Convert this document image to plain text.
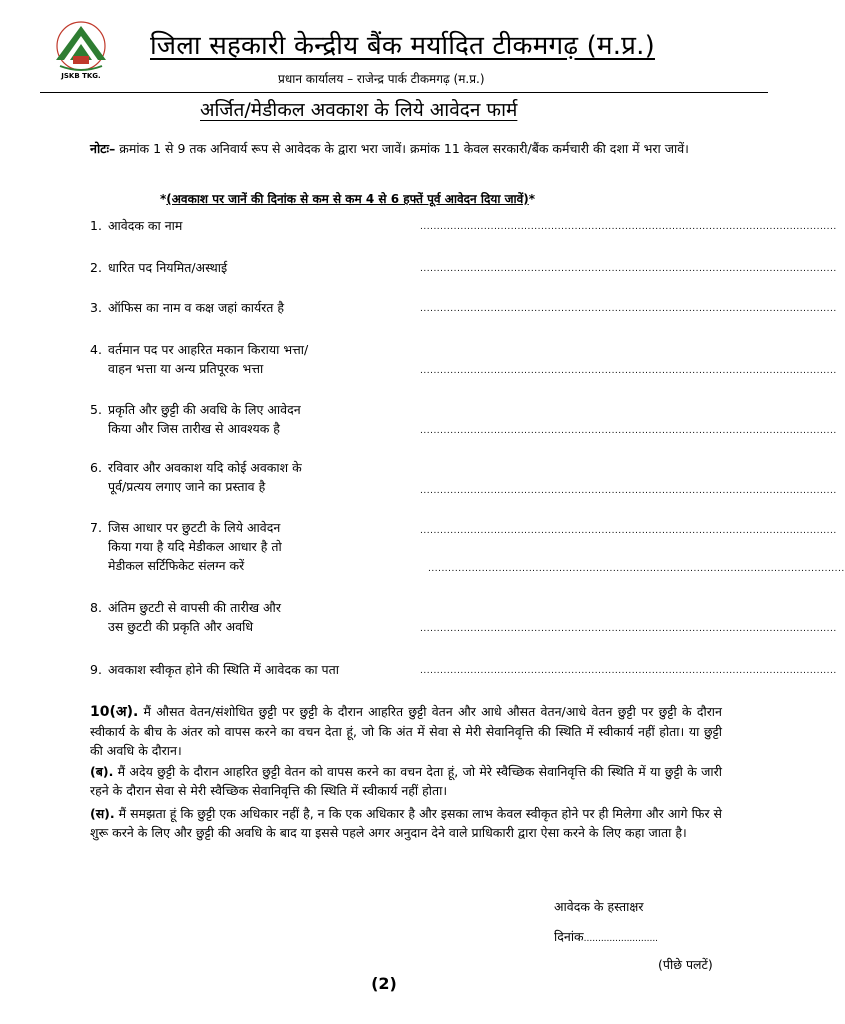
JSKB TKG.
जिला सहकारी केन्द्रीय बैंक मर्यादित टीकमगढ़ (म.प्र.)
प्रधान कार्यालय – राजेन्द्र पार्क टीकमगढ़ (म.प्र.)
अर्जित/मेडीकल अवकाश के लिये आवेदन फार्म
नोटः– क्रमांक 1 से 9 तक अनिवार्य रूप से आवेदक के द्वारा भरा जावें। क्रमांक 11 केवल सरकारी/बैंक कर्मचारी की दशा में भरा जावें।
*(अवकाश पर जानें की दिनांक से कम से कम 4 से 6 हफ्तें पूर्व आवेदन दिया जावें)*
1. आवेदक का नाम	............................................................................................................................
2. धारित पद नियमित/अस्थाई	............................................................................................................................
3. ऑफिस का नाम व कक्ष जहां कार्यरत है	............................................................................................................................
4. वर्तमान पद पर आहरित मकान किराया भत्ता/
वाहन भत्ता या अन्य प्रतिपूरक भत्ता	............................................................................................................................
5. प्रकृति और छुट्टी की अवधि के लिए आवेदन
किया और जिस तारीख से आवश्यक है	............................................................................................................................
6. रविवार और अवकाश यदि कोई अवकाश के
पूर्व/प्रत्यय लगाए जाने का प्रस्ताव है	............................................................................................................................
7. जिस आधार पर छुटटी के लिये आवेदन
किया गया है यदि मेडीकल आधार है तो
मेडीकल सर्टिफिकेट संलग्न करें
............................................................................................................................
............................................................................................................................
8. अंतिम छुटटी से वापसी की तारीख और
उस छुटटी की प्रकृति और अवधि	............................................................................................................................
9. अवकाश स्वीकृत होने की स्थिति में आवेदक का पता	............................................................................................................................
10(अ). मैं औसत वेतन/संशोधित छुट्टी पर छुट्टी के दौरान आहरित छुट्टी वेतन और आधे औसत वेतन/आधे वेतन छुट्टी पर छुट्टी के दौरान स्वीकार्य के बीच के अंतर को वापस करने का वचन देता हूं, जो कि अंत में सेवा से मेरी सेवानिवृत्ति की स्थिति में स्वीकार्य नहीं होता। या छुट्टी की अवधि के दौरान।
(ब). मैं अदेय छुट्टी के दौरान आहरित छुट्टी वेतन को वापस करने का वचन देता हूं, जो मेरे स्वैच्छिक सेवानिवृत्ति की स्थिति में या छुट्टी के जारी रहने के दौरान सेवा से मेरी स्वैच्छिक सेवानिवृत्ति की स्थिति में स्वीकार्य नहीं होता।
(स). मैं समझता हूं कि छुट्टी एक अधिकार नहीं है, न कि एक अधिकार है और इसका लाभ केवल स्वीकृत होने पर ही मिलेगा और आगे फिर से शुरू करने के लिए और छुट्टी की अवधि के बाद या इससे पहले अगर अनुदान देने वाले प्राधिकारी द्वारा ऐसा करने के लिए कहा जाता है।
आवेदक के हस्ताक्षर
दिनांक..........................
(पीछे पलटें)
(2)
